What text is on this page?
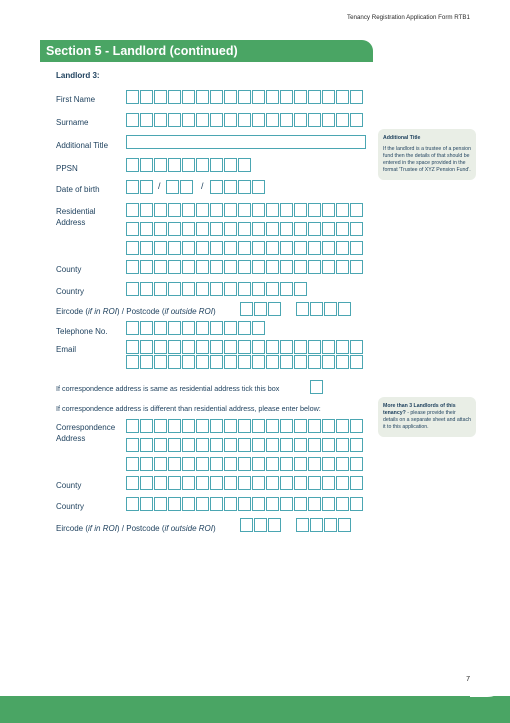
Tenancy Registration Application Form RTB1
Section 5 - Landlord (continued)
Landlord 3:
First Name
Surname
Additional Title
PPSN
Date of birth	/	/
Residential
Address
County
Country
Eircode (if in ROI) / Postcode (if outside ROI)
Telephone No.
Email
If correspondence address is same as residential address tick this box
If correspondence address is different than residential address, please enter below:
Correspondence
Address
County
Country
Eircode (if in ROI) / Postcode (if outside ROI)
Additional Title
If the landlord is a trustee of a pension fund then the details of that should be entered in the space provided in the format 'Trustee of XYZ Pension Fund'.
More than 3 Landlords of this tenancy? - please provide their details on a separate sheet and attach it to this application.
7
